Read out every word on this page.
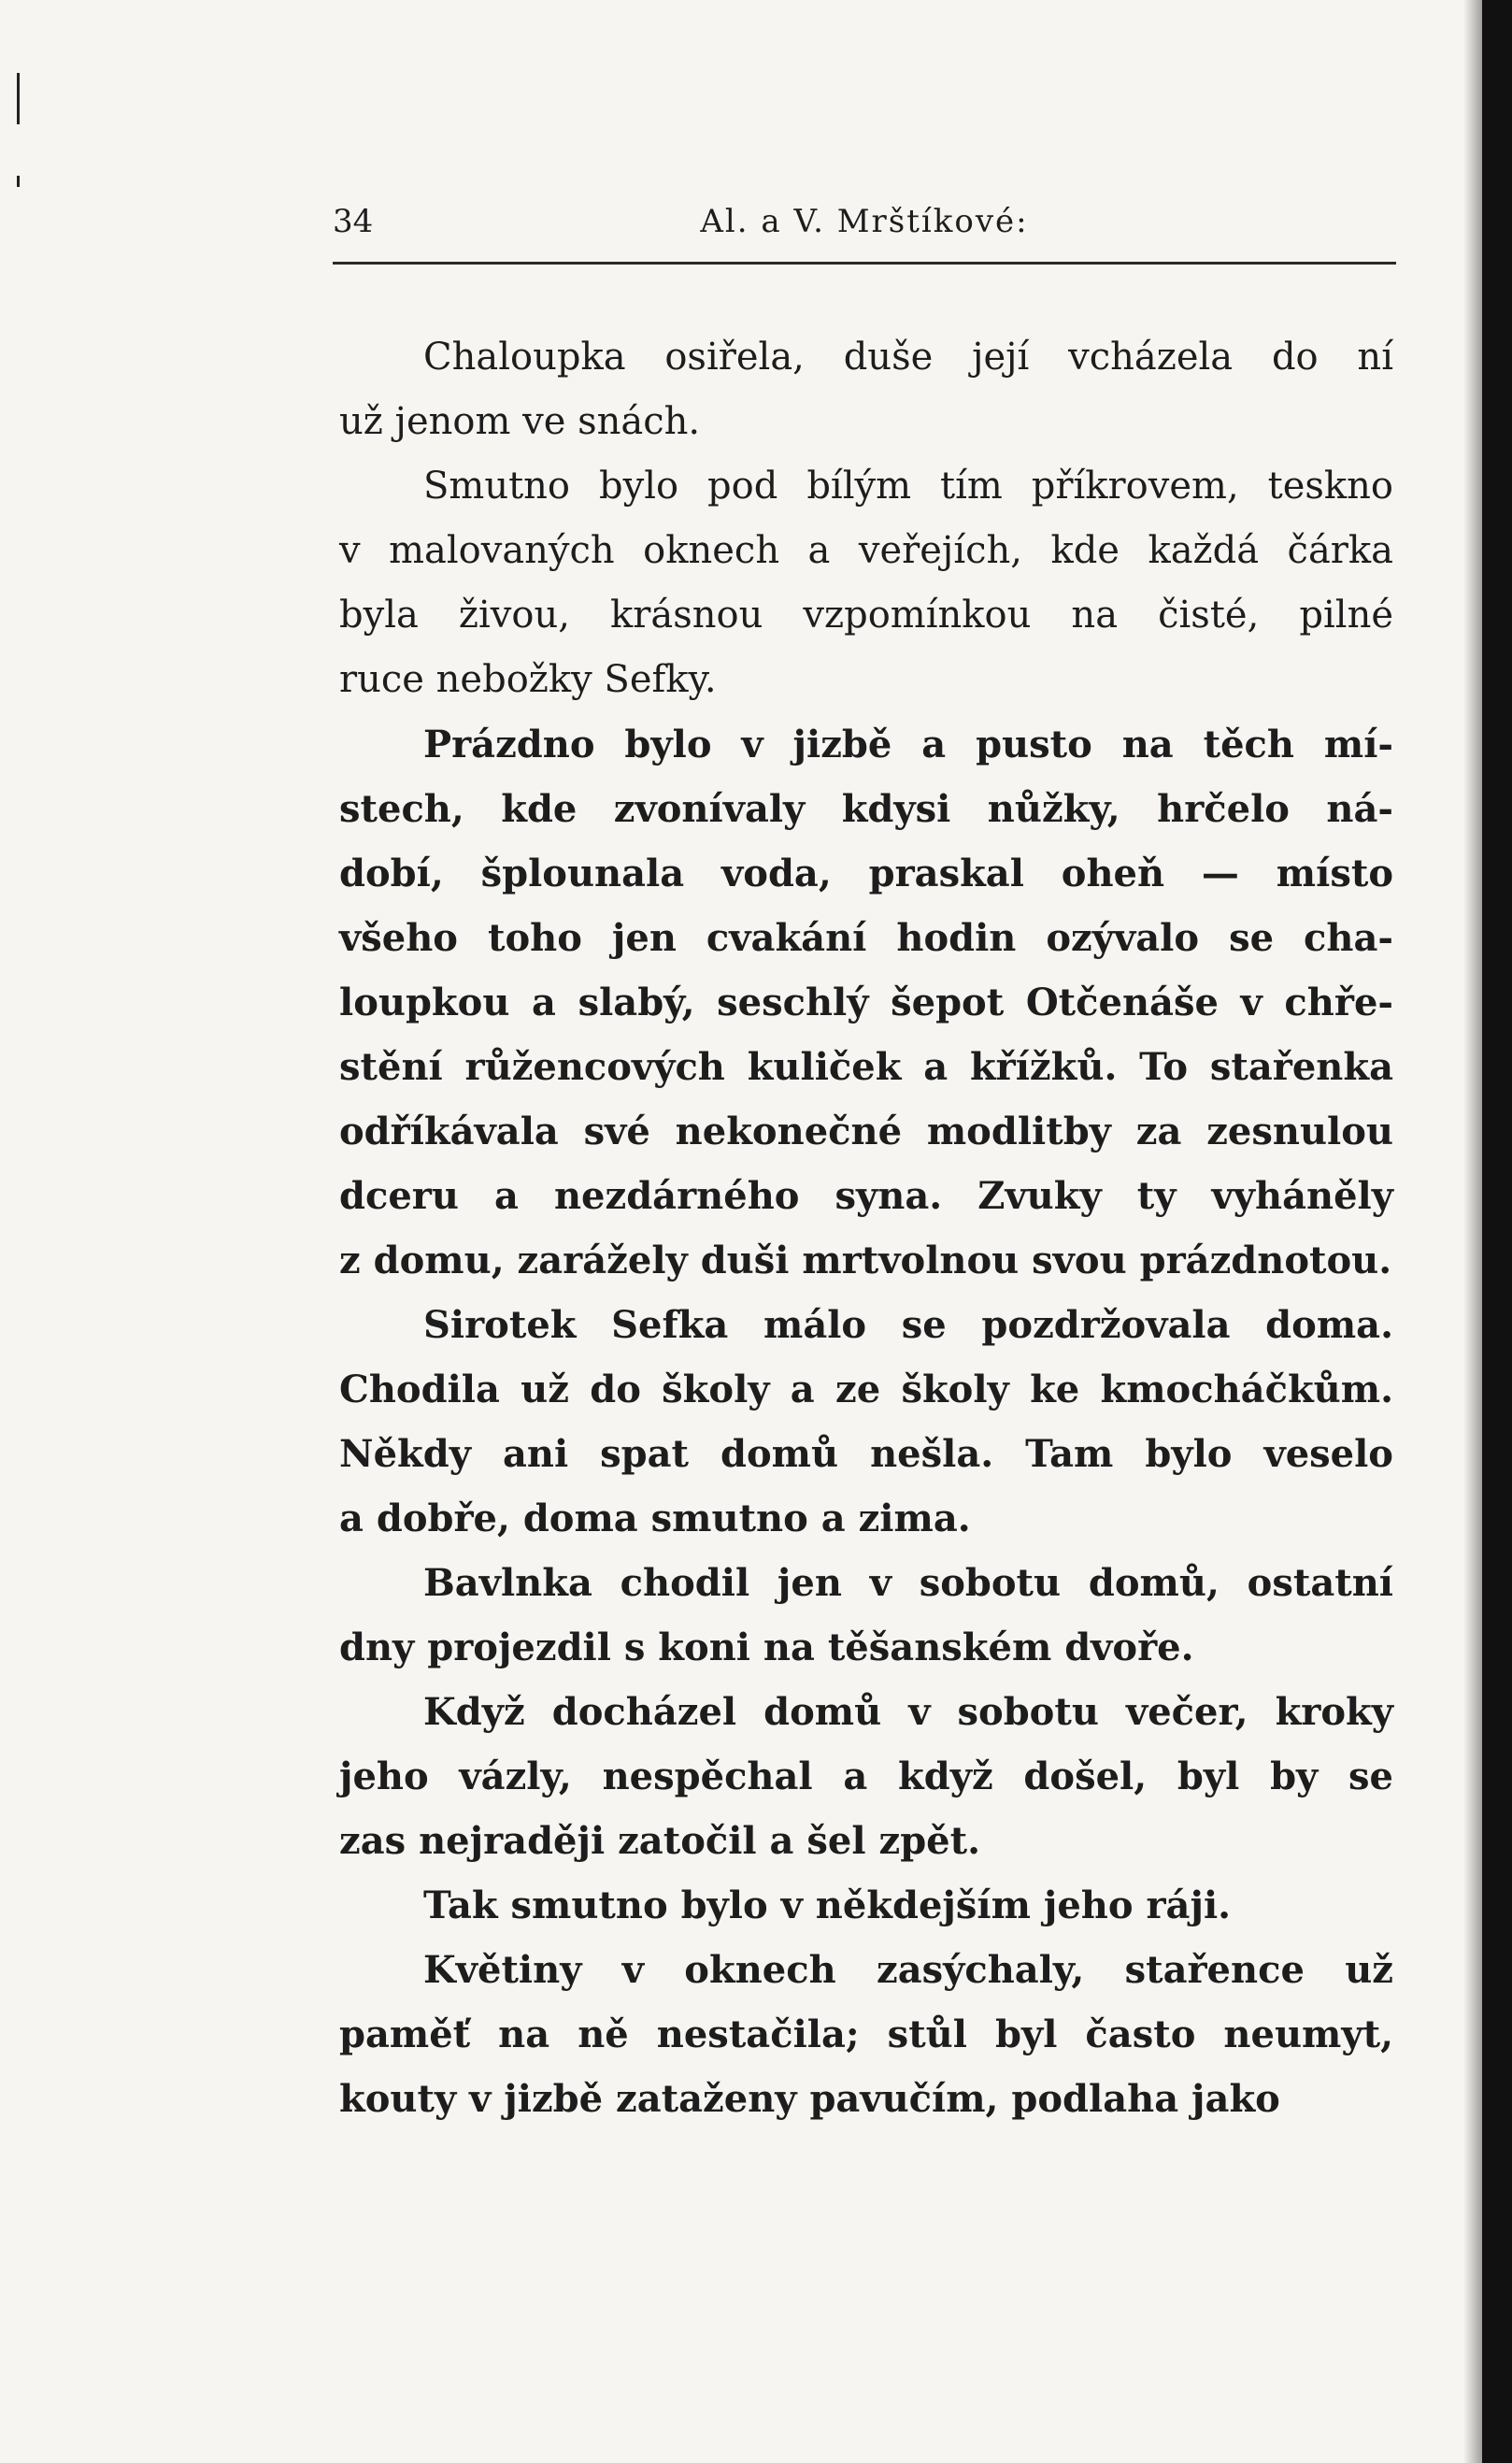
34	Al. a V. Mrštíkové:

Chaloupka osiřela, duše její vcházela do ní
už jenom ve snách.

Smutno bylo pod bílým tím příkrovem, teskno
v malovaných oknech a veřejích, kde každá čárka
byla živou, krásnou vzpomínkou na čisté, pilné
ruce nebožky Sefky.

Prázdno bylo v jizbě a pusto na těch mí-
stech, kde zvonívaly kdysi nůžky, hrčelo ná-
dobí, šplounala voda, praskal oheň — místo
všeho toho jen cvakání hodin ozývalo se cha-
loupkou a slabý, seschlý šepot Otčenáše v chře-
stění růžencových kuliček a křížků. To stařenka
odříkávala své nekonečné modlitby za zesnulou
dceru a nezdárného syna. Zvuky ty vyháněly
z domu, zarážely duši mrtvolnou svou prázdnotou.

Sirotek Sefka málo se pozdržovala doma.
Chodila už do školy a ze školy ke kmocháčkům.
Někdy ani spat domů nešla. Tam bylo veselo
a dobře, doma smutno a zima.

Bavlnka chodil jen v sobotu domů, ostatní
dny projezdil s koni na těšanském dvoře.

Když docházel domů v sobotu večer, kroky
jeho vázly, nespěchal a když došel, byl by se
zas nejraději zatočil a šel zpět.

Tak smutno bylo v někdejším jeho ráji.

Květiny v oknech zasýchaly, stařence už
paměť na ně nestačila; stůl byl často neumyt,
kouty v jizbě zataženy pavučím, podlaha jako
